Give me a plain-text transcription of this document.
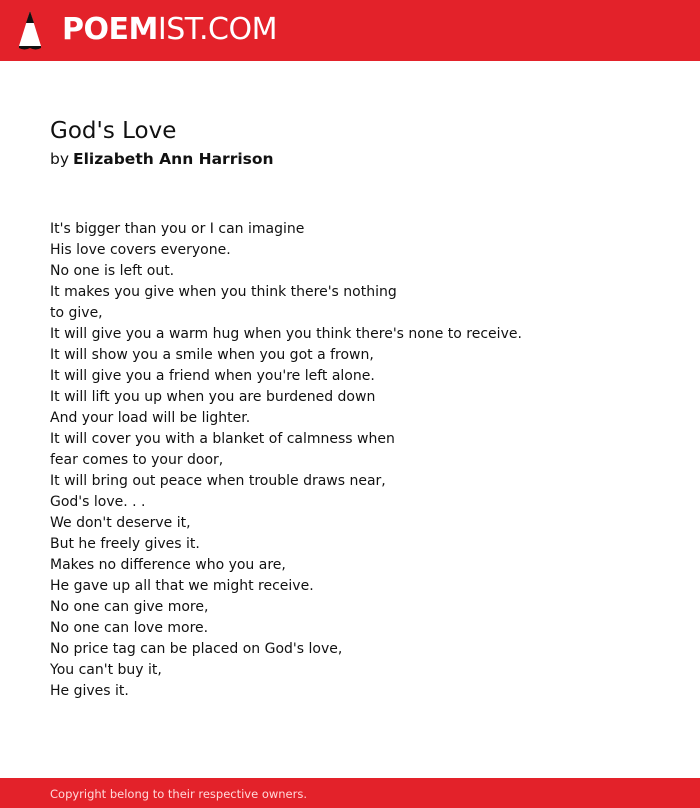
POEMIST.COM
God's Love
by Elizabeth Ann Harrison
It's bigger than you or I can imagine
His love covers everyone.
No one is left out.
It makes you give when you think there's nothing
to give,
It will give you a warm hug when you think there's none to receive.
It will show you a smile when you got a frown,
It will give you a friend when you're left alone.
It will lift you up when you are burdened down
And your load will be lighter.
It will cover you with a blanket of calmness when
fear comes to your door,
It will bring out peace when trouble draws near,
God's love. . .
We don't deserve it,
But he freely gives it.
Makes no difference who you are,
He gave up all that we might receive.
No one can give more,
No one can love more.
No price tag can be placed on God's love,
You can't buy it,
He gives it.
Copyright belong to their respective owners.
